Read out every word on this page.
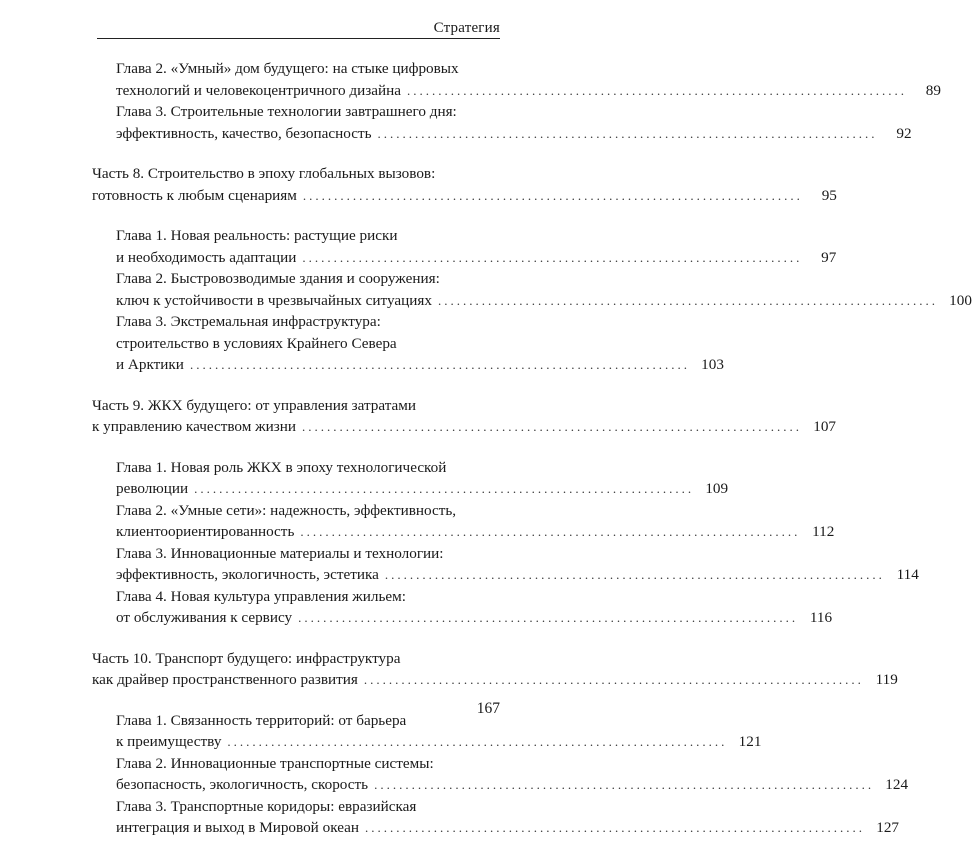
Стратегия
Глава 2. «Умный» дом будущего: на стыке цифровых
технологий и человекоцентричного дизайна ................................................................................	89
Глава 3. Строительные технологии завтрашнего дня:
эффективность, качество, безопасность ................................................................................	92
Часть 8. Строительство в эпоху глобальных вызовов:
готовность к любым сценариям ................................................................................	95
Глава 1. Новая реальность: растущие риски
и необходимость адаптации ................................................................................	97
Глава 2. Быстровозводимые здания и сооружения:
ключ к устойчивости в чрезвычайных ситуациях ................................................................................ 100
Глава 3. Экстремальная инфраструктура:
строительство в условиях Крайнего Севера
и Арктики ................................................................................ 103
Часть 9. ЖКХ будущего: от управления затратами
к управлению качеством жизни ................................................................................ 107
Глава 1. Новая роль ЖКХ в эпоху технологической
революции ................................................................................ 109
Глава 2. «Умные сети»: надежность, эффективность,
клиентоориентированность ................................................................................ 112
Глава 3. Инновационные материалы и технологии:
эффективность, экологичность, эстетика ................................................................................ 114
Глава 4. Новая культура управления жильем:
от обслуживания к сервису ................................................................................ 116
Часть 10. Транспорт будущего: инфраструктура
как драйвер пространственного развития ................................................................................ 119
Глава 1. Связанность территорий: от барьера
к преимуществу ................................................................................ 121
Глава 2. Инновационные транспортные системы:
безопасность, экологичность, скорость ................................................................................ 124
Глава 3. Транспортные коридоры: евразийская
интеграция и выход в Мировой океан ................................................................................ 127
167
